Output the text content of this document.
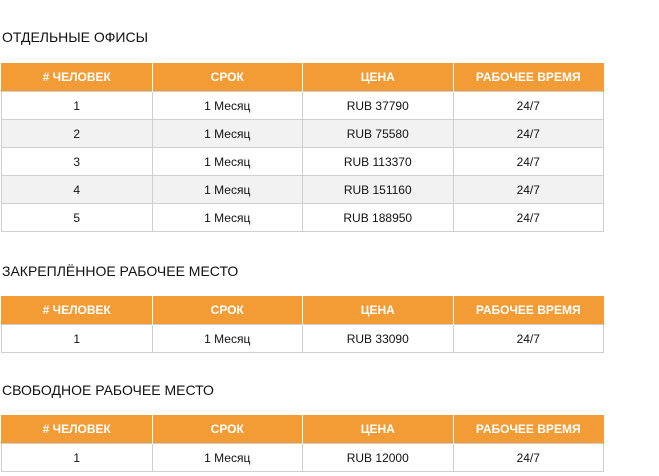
ОТДЕЛЬНЫЕ ОФИСЫ
# ЧЕЛОВЕК	СРОК	ЦЕНА	РАБОЧЕЕ ВРЕМЯ
1	1 Месяц	RUB 37790	24/7
2	1 Месяц	RUB 75580	24/7
3	1 Месяц	RUB 113370	24/7
4	1 Месяц	RUB 151160	24/7
5	1 Месяц	RUB 188950	24/7
ЗАКРЕПЛЁННОЕ РАБОЧЕЕ МЕСТО
# ЧЕЛОВЕК	СРОК	ЦЕНА	РАБОЧЕЕ ВРЕМЯ
1	1 Месяц	RUB 33090	24/7
СВОБОДНОЕ РАБОЧЕЕ МЕСТО
# ЧЕЛОВЕК	СРОК	ЦЕНА	РАБОЧЕЕ ВРЕМЯ
1	1 Месяц	RUB 12000	24/7
